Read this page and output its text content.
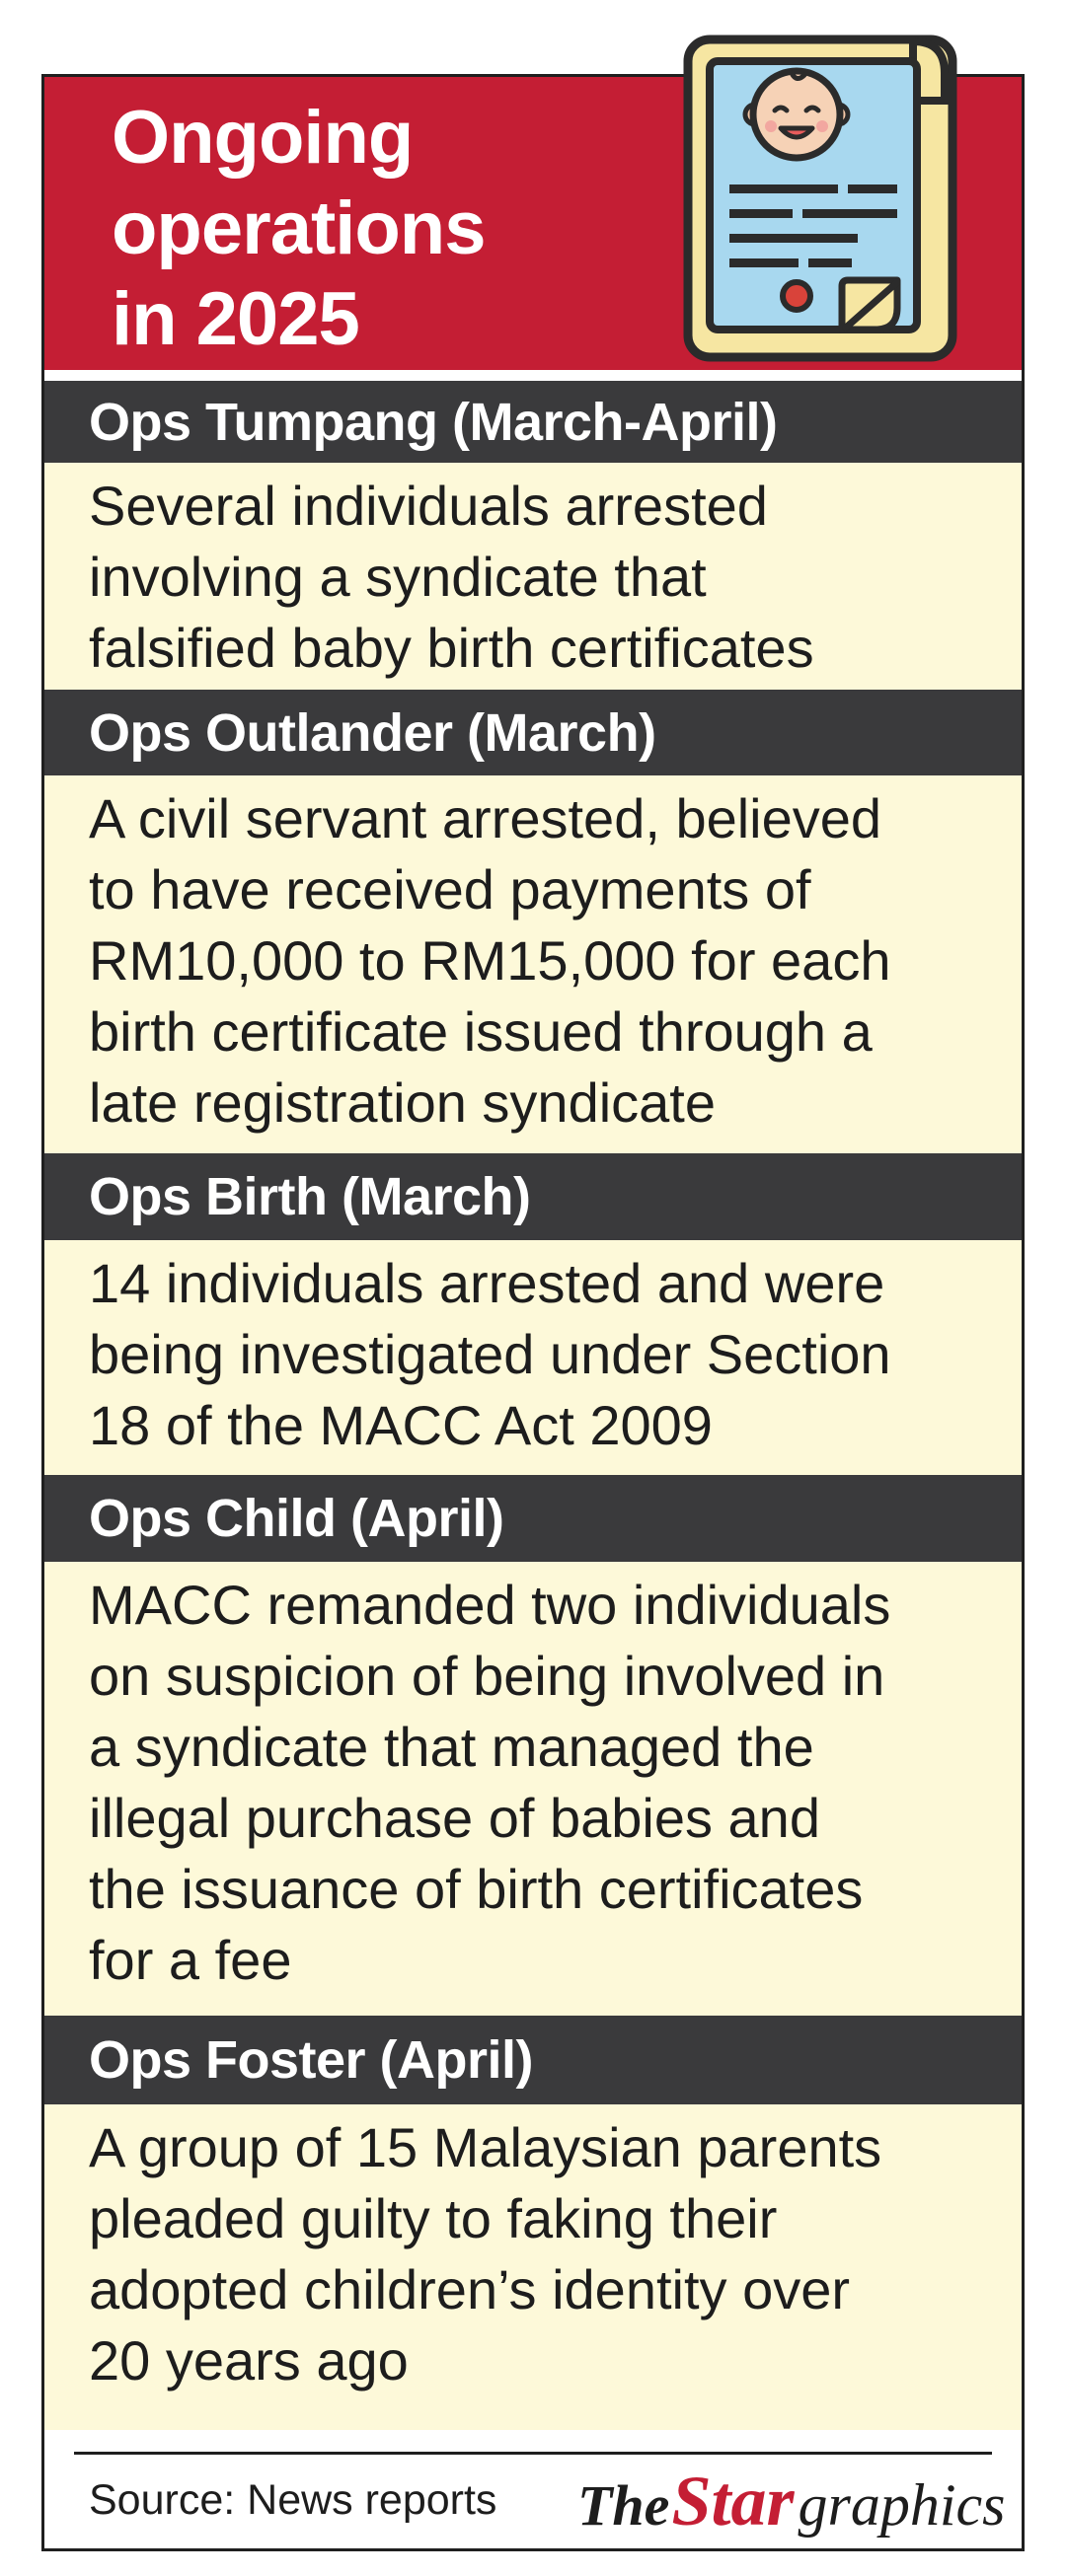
Ongoing
operations
in 2025
Ops Tumpang (March-April)
Several individuals arrested
involving a syndicate that
falsified baby birth certificates
Ops Outlander (March)
A civil servant arrested, believed
to have received payments of
RM10,000 to RM15,000 for each
birth certificate issued through a
late registration syndicate
Ops Birth (March)
14 individuals arrested and were
being investigated under Section
18 of the MACC Act 2009
Ops Child (April)
MACC remanded two individuals
on suspicion of being involved in
a syndicate that managed the
illegal purchase of babies and
the issuance of birth certificates
for a fee
Ops Foster (April)
A group of 15 Malaysian parents
pleaded guilty to faking their
adopted children’s identity over
20 years ago
Source: News reports The Star graphics
